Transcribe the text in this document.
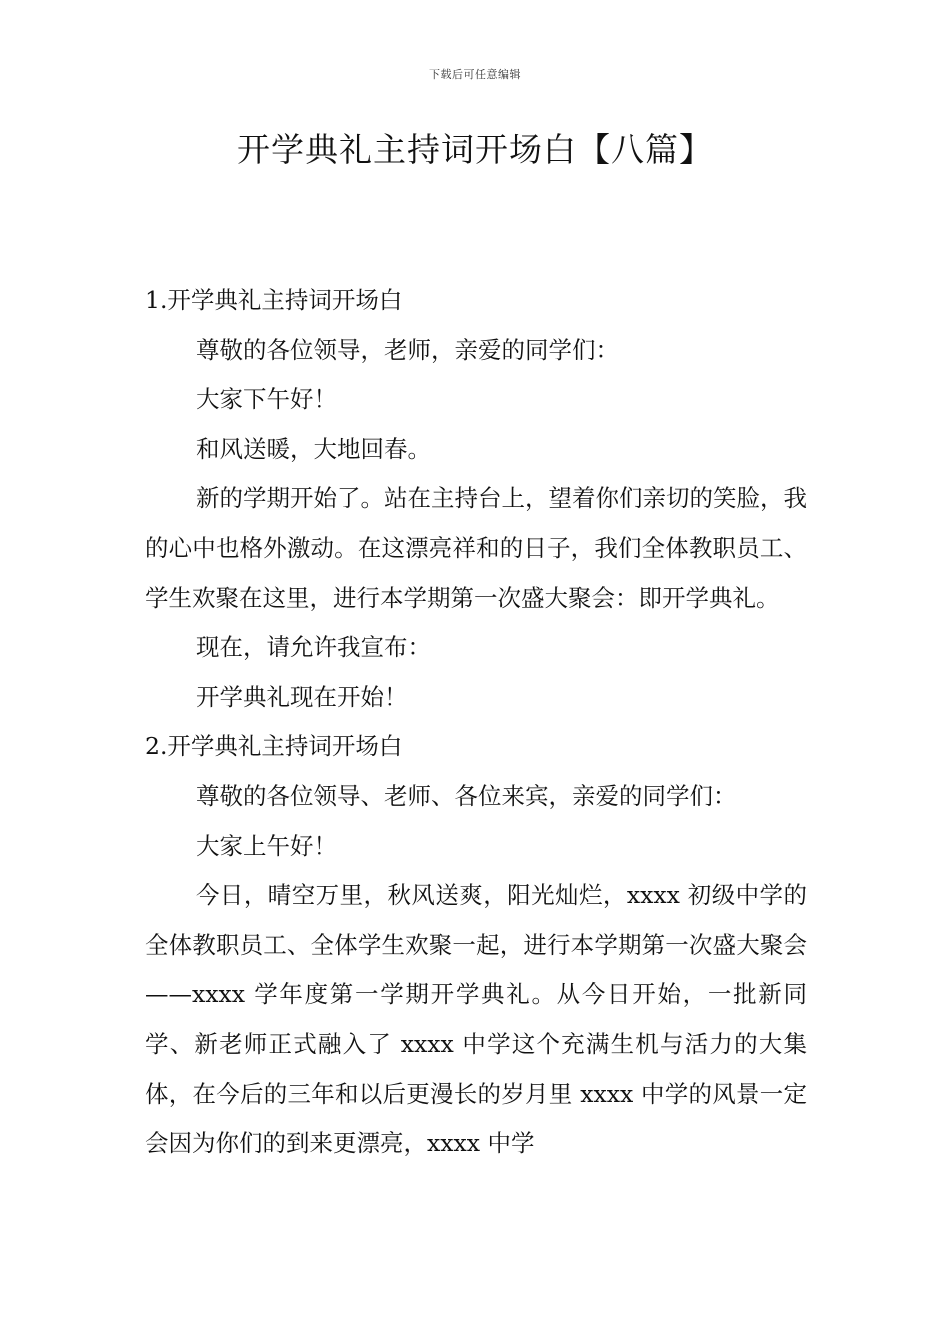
下载后可任意编辑
开学典礼主持词开场白【八篇】

1.开学典礼主持词开场白

尊敬的各位领导，老师，亲爱的同学们：

大家下午好！

和风送暖，大地回春。

新的学期开始了。站在主持台上，望着你们亲切的笑脸，我的心中也格外激动。在这漂亮祥和的日子，我们全体教职员工、学生欢聚在这里，进行本学期第一次盛大聚会：即开学典礼。

现在，请允许我宣布：

开学典礼现在开始！

2.开学典礼主持词开场白

尊敬的各位领导、老师、各位来宾，亲爱的同学们：

大家上午好！

今日，晴空万里，秋风送爽，阳光灿烂，xxxx 初级中学的全体教职员工、全体学生欢聚一起，进行本学期第一次盛大聚会——xxxx 学年度第一学期开学典礼。从今日开始，一批新同学、新老师正式融入了 xxxx 中学这个充满生机与活力的大集体，在今后的三年和以后更漫长的岁月里 xxxx 中学的风景一定会因为你们的到来更漂亮，xxxx 中学
